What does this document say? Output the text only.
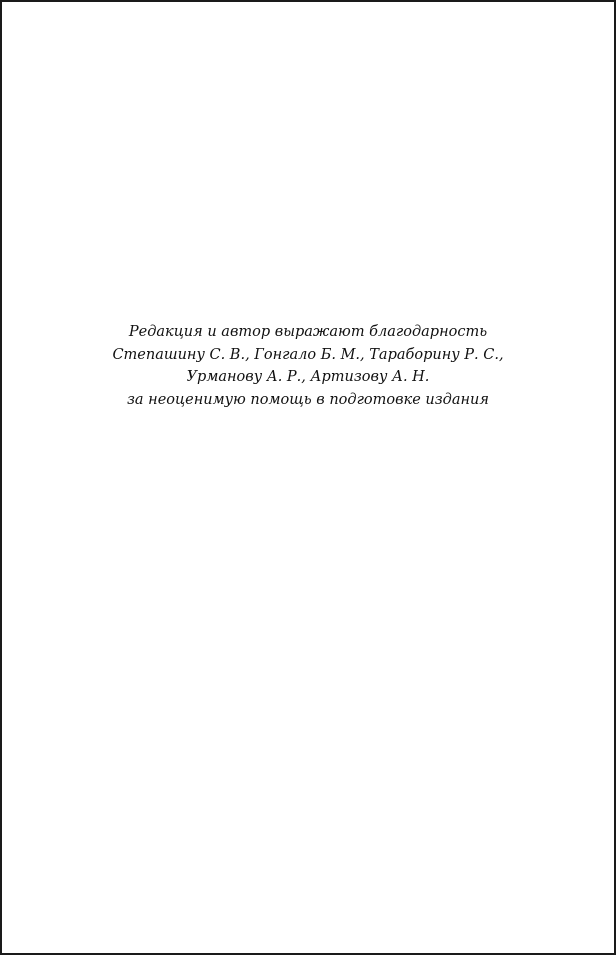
Редакция и автор выражают благодарность
Степашину С. В., Гонгало Б. М., Тараборину Р. С.,
Урманову А. Р., Артизову А. Н.
за неоценимую помощь в подготовке издания
